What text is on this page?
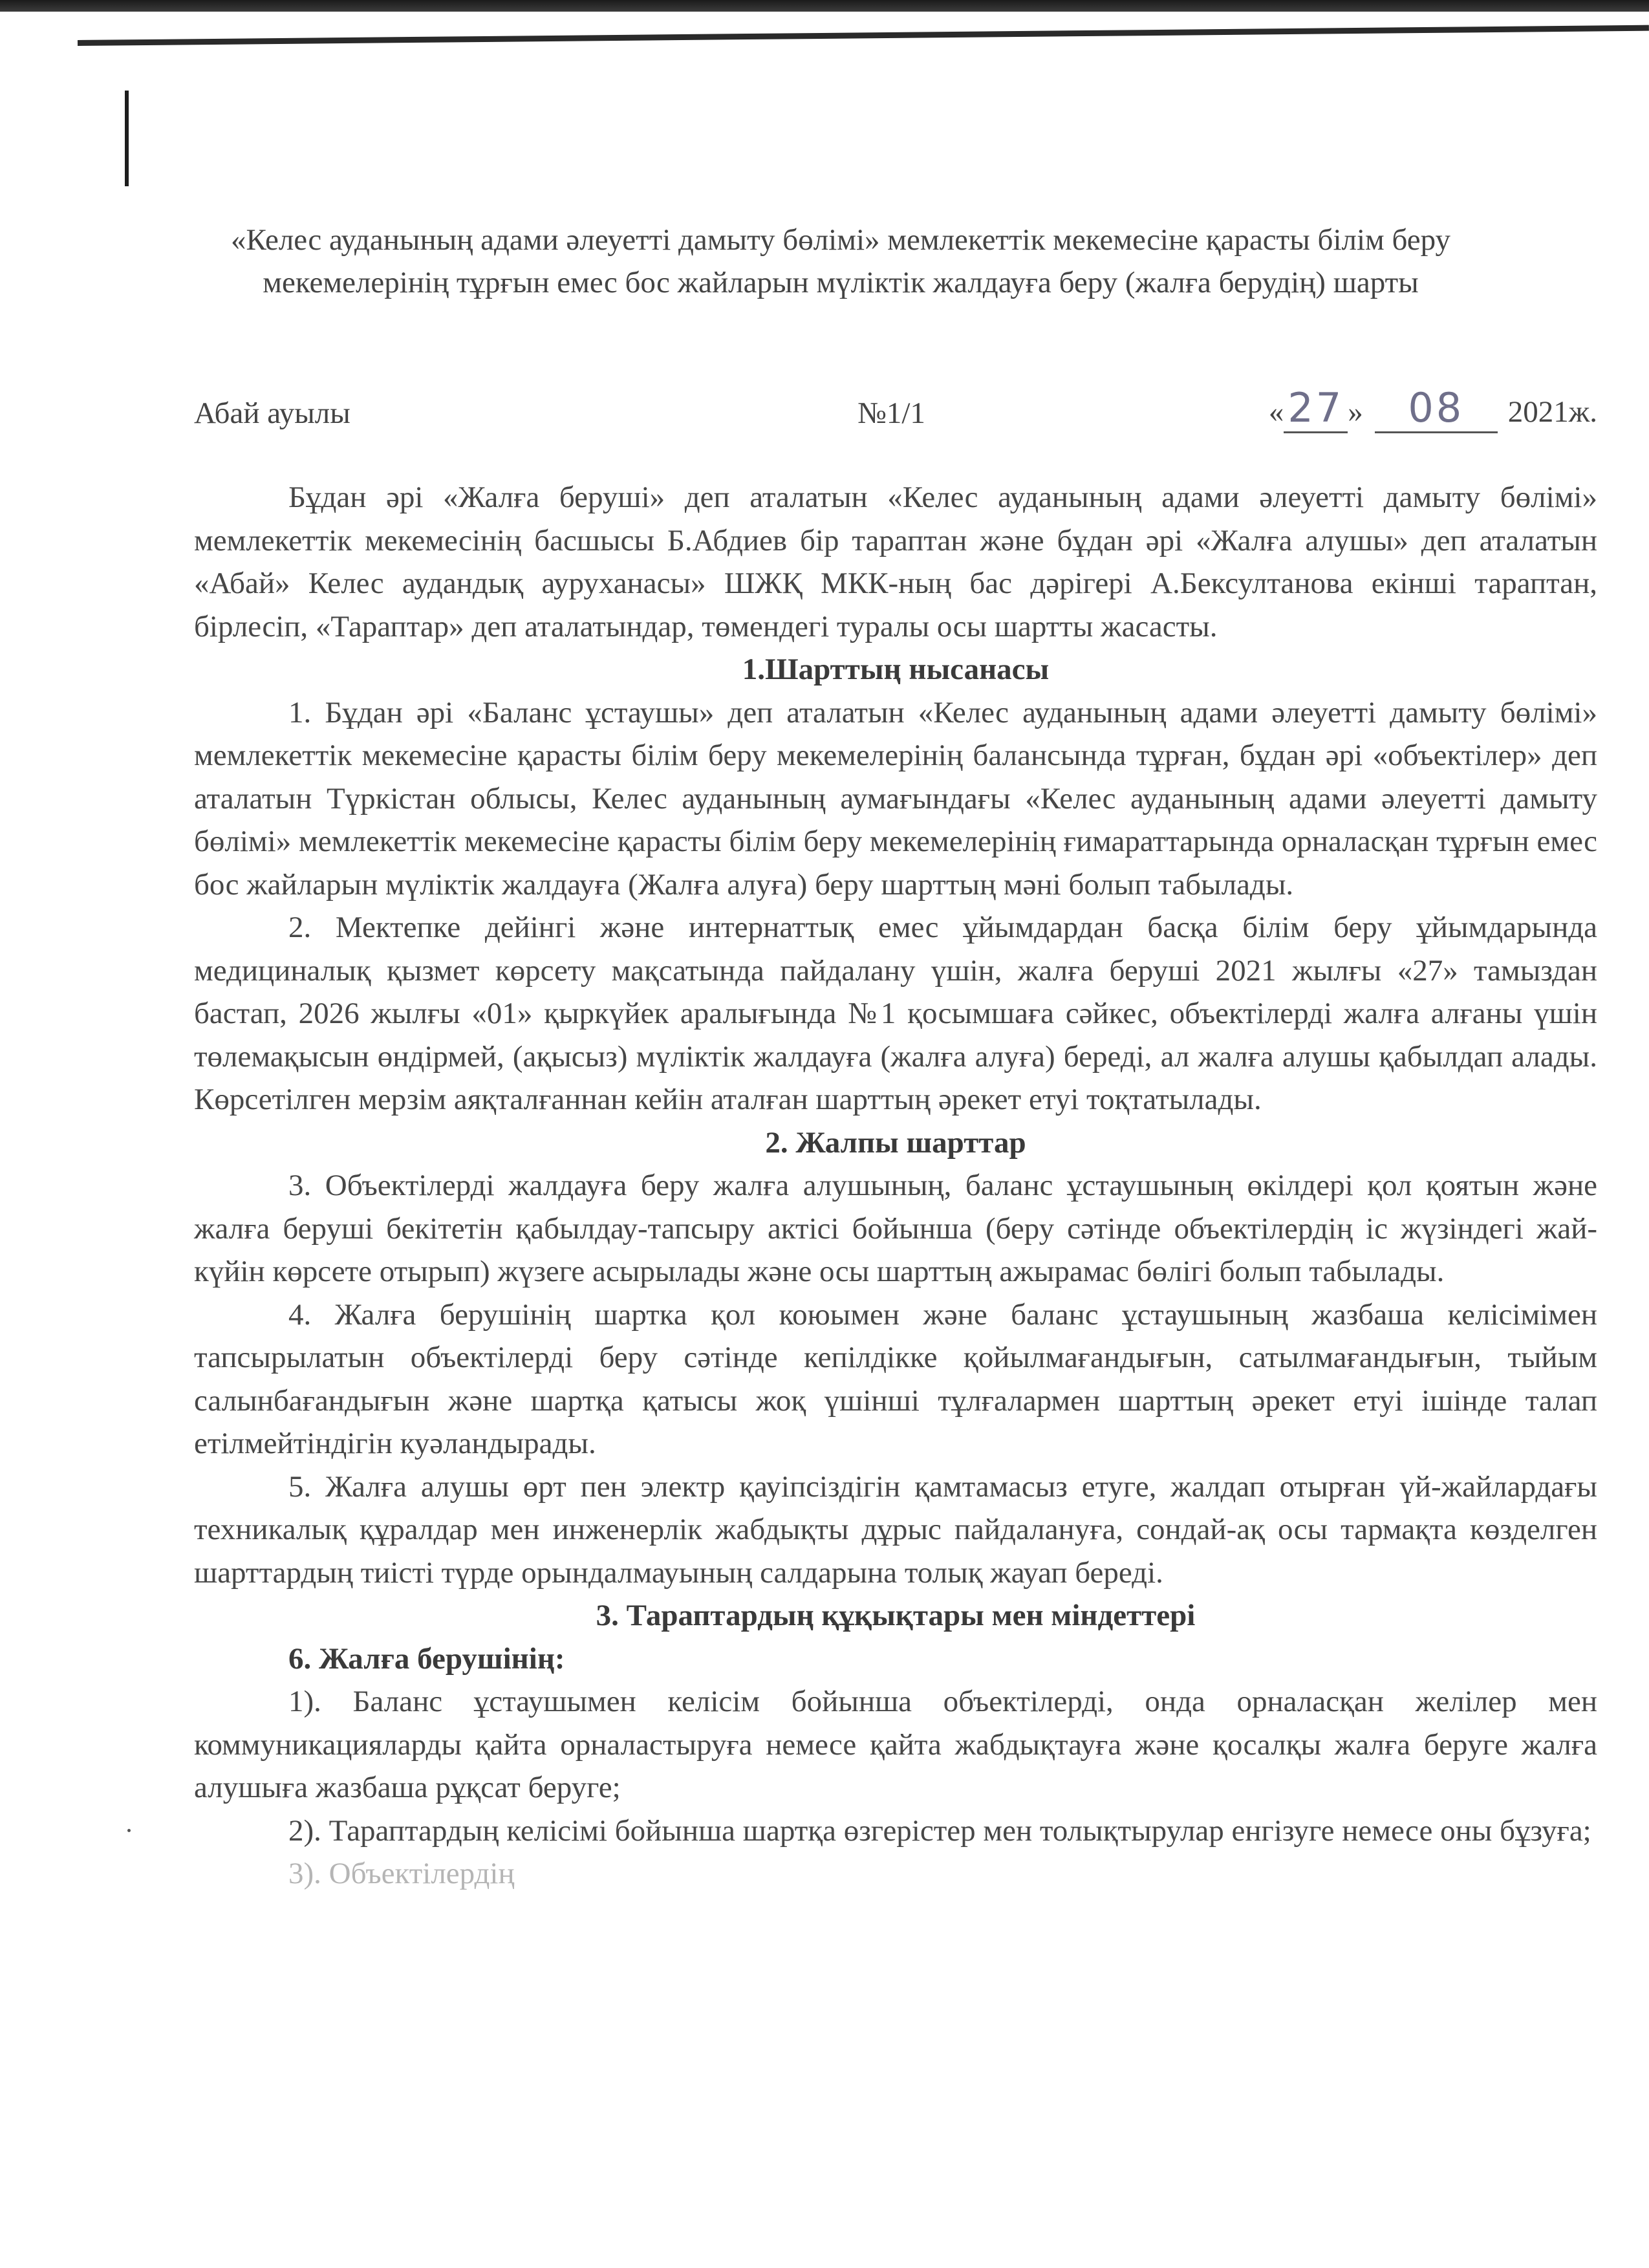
«Келес ауданының адами әлеуетті дамыту бөлімі» мемлекеттік мекемесіне қарасты білім беру мекемелерінің тұрғын емес бос жайларын мүліктік жалдауға беру (жалға берудің) шарты
Абай ауылы	№1/1	«27 » 08 2021ж.

Бұдан әрі «Жалға беруші» деп аталатын «Келес ауданының адами әлеуетті дамыту бөлімі» мемлекеттік мекемесінің басшысы Б.Абдиев бір тараптан және бұдан әрі «Жалға алушы» деп аталатын «Абай» Келес аудандық ауруханасы» ШЖҚ МКК-ның бас дәрігері А.Бексултанова екінші тараптан, бірлесіп, «Тараптар» деп аталатындар, төмендегі туралы осы шартты жасасты.

1.Шарттың нысанасы

1. Бұдан әрі «Баланс ұстаушы» деп аталатын «Келес ауданының адами әлеуетті дамыту бөлімі» мемлекеттік мекемесіне қарасты білім беру мекемелерінің балансында тұрған, бұдан әрі «объектілер» деп аталатын Түркістан облысы, Келес ауданының аумағындағы «Келес ауданының адами әлеуетті дамыту бөлімі» мемлекеттік мекемесіне қарасты білім беру мекемелерінің ғимараттарында орналасқан тұрғын емес бос жайларын мүліктік жалдауға (Жалға алуға) беру шарттың мәні болып табылады.

2. Мектепке дейінгі және интернаттық емес ұйымдардан басқа білім беру ұйымдарында медициналық қызмет көрсету мақсатында пайдалану үшін, жалға беруші 2021 жылғы «27» тамыздан бастап, 2026 жылғы «01» қыркүйек аралығында №1 қосымшаға сәйкес, объектілерді жалға алғаны үшін төлемақысын өндірмей, (ақысыз) мүліктік жалдауға (жалға алуға) береді, ал жалға алушы қабылдап алады. Көрсетілген мерзім аяқталғаннан кейін аталған шарттың әрекет етуі тоқтатылады.

2. Жалпы шарттар

3. Объектілерді жалдауға беру жалға алушының, баланс ұстаушының өкілдері қол қоятын және жалға беруші бекітетін қабылдау-тапсыру актісі бойынша (беру сәтінде объектілердің іс жүзіндегі жай-күйін көрсете отырып) жүзеге асырылады және осы шарттың ажырамас бөлігі болып табылады.

4. Жалға берушінің шартка қол коюымен және баланс ұстаушының жазбаша келісімімен тапсырылатын объектілерді беру сәтінде кепілдікке қойылмағандығын, сатылмағандығын, тыйым салынбағандығын және шартқа қатысы жоқ үшінші тұлғалармен шарттың әрекет етуі ішінде талап етілмейтіндігін куәландырады.

5. Жалға алушы өрт пен электр қауіпсіздігін қамтамасыз етуге, жалдап отырған үй-жайлардағы техникалық құралдар мен инженерлік жабдықты дұрыс пайдалануға, сондай-ақ осы тармақта көзделген шарттардың тиісті түрде орындалмауының салдарына толық жауап береді.

3. Тараптардың құқықтары мен міндеттері

6. Жалға берушінің:

1). Баланс ұстаушымен келісім бойынша объектілерді, онда орналасқан желілер мен коммуникацияларды қайта орналастыруға немесе қайта жабдықтауға және қосалқы жалға беруге жалға алушыға жазбаша рұқсат беруге;

2). Тараптардың келісімі бойынша шартқа өзгерістер мен толықтырулар енгізуге немесе оны бұзуға;

3). Объектілердің
